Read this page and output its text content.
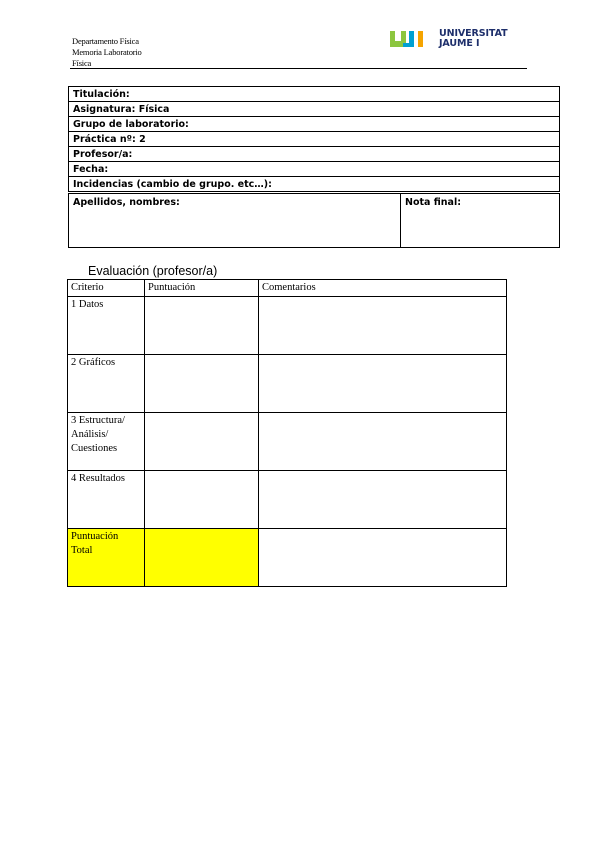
Departamento Física
Memoria Laboratorio
Física
UNIVERSITAT
JAUME I
Titulación:
Asignatura: Física
Grupo de laboratorio:
Práctica nº: 2
Profesor/a:
Fecha:
Incidencias (cambio de grupo. etc…):
Apellidos, nombres:	Nota final:
Evaluación (profesor/a)
Criterio	Puntuación	Comentarios
1 Datos		
2 Gráficos		
3 Estructura/ Análisis/ Cuestiones		
4 Resultados		
Puntuación Total		
